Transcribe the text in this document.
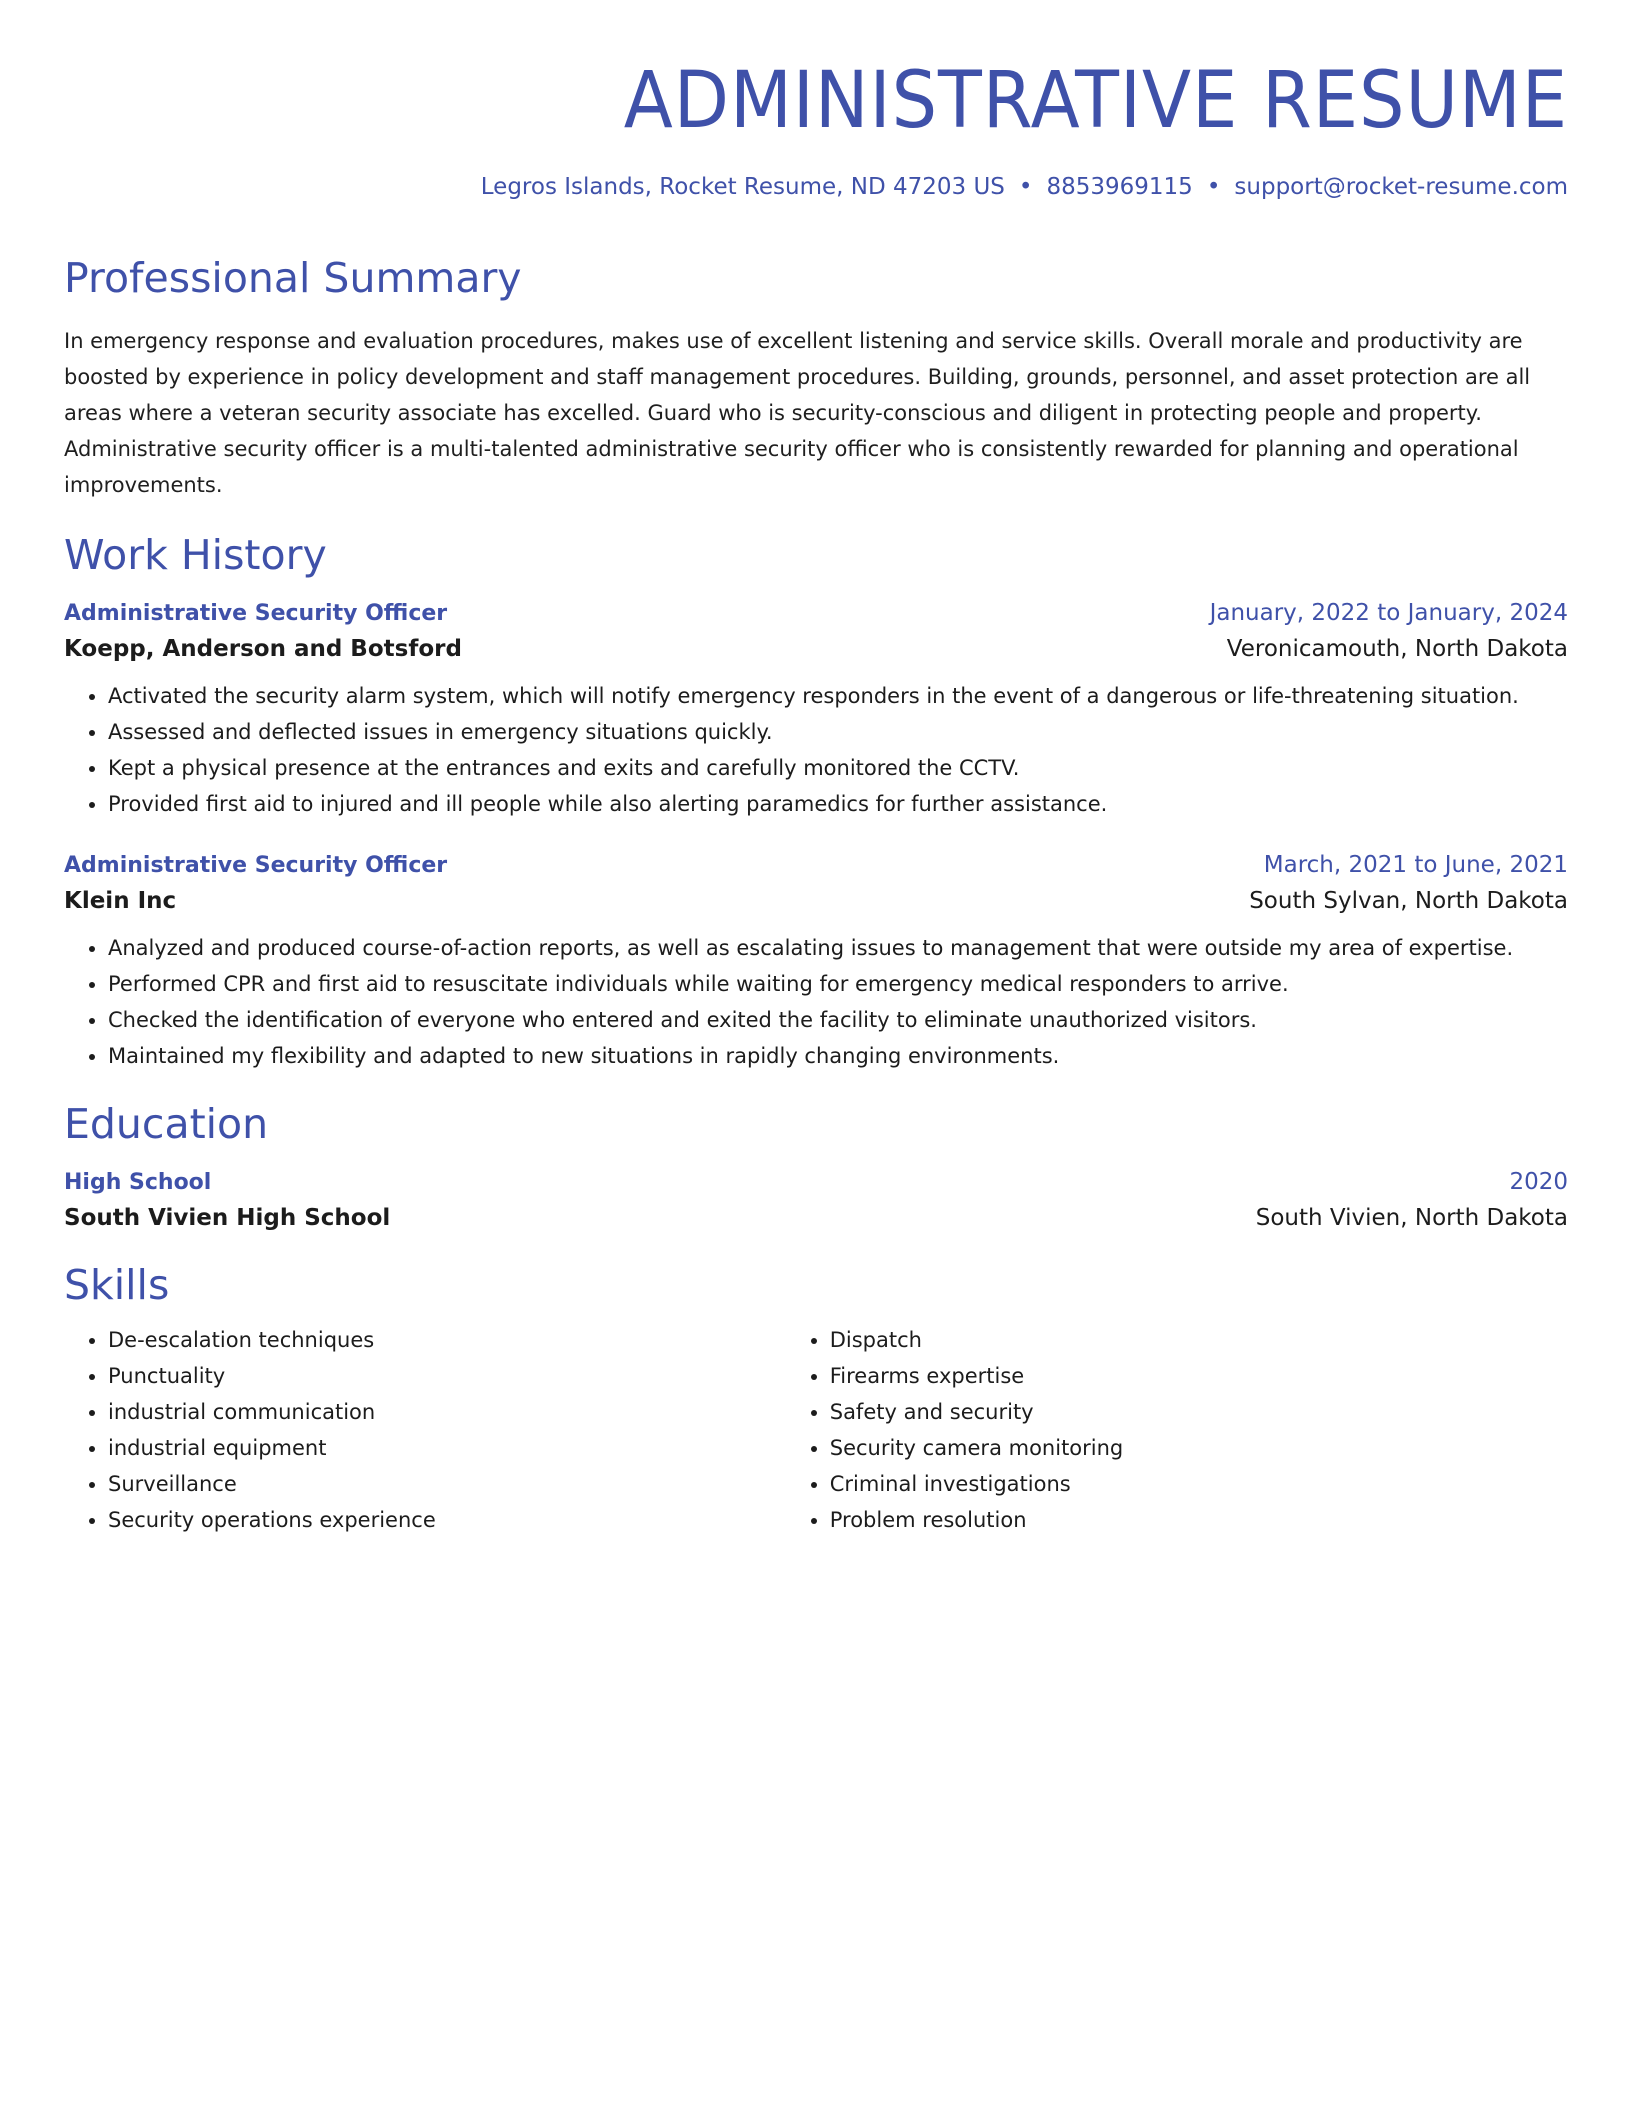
ADMINISTRATIVE RESUME
Legros Islands, Rocket Resume, ND 47203 US • 8853969115 • support@rocket-resume.com
Professional Summary

In emergency response and evaluation procedures, makes use of excellent listening and service skills. Overall morale and productivity are boosted by experience in policy development and staff management procedures. Building, grounds, personnel, and asset protection are all areas where a veteran security associate has excelled. Guard who is security-conscious and diligent in protecting people and property. Administrative security officer is a multi-talented administrative security officer who is consistently rewarded for planning and operational improvements.

Work History
Administrative Security Officer	January, 2022 to January, 2024
Koepp, Anderson and Botsford	Veronicamouth, North Dakota
• Activated the security alarm system, which will notify emergency responders in the event of a dangerous or life-threatening situation.
• Assessed and deflected issues in emergency situations quickly.
• Kept a physical presence at the entrances and exits and carefully monitored the CCTV.
• Provided first aid to injured and ill people while also alerting paramedics for further assistance.
Administrative Security Officer	March, 2021 to June, 2021
Klein Inc	South Sylvan, North Dakota
• Analyzed and produced course-of-action reports, as well as escalating issues to management that were outside my area of expertise.
• Performed CPR and first aid to resuscitate individuals while waiting for emergency medical responders to arrive.
• Checked the identification of everyone who entered and exited the facility to eliminate unauthorized visitors.
• Maintained my flexibility and adapted to new situations in rapidly changing environments.
Education
High School	2020
South Vivien High School	South Vivien, North Dakota
Skills
• De-escalation techniques
• Punctuality
• industrial communication
• industrial equipment
• Surveillance
• Security operations experience
• Dispatch
• Firearms expertise
• Safety and security
• Security camera monitoring
• Criminal investigations
• Problem resolution
